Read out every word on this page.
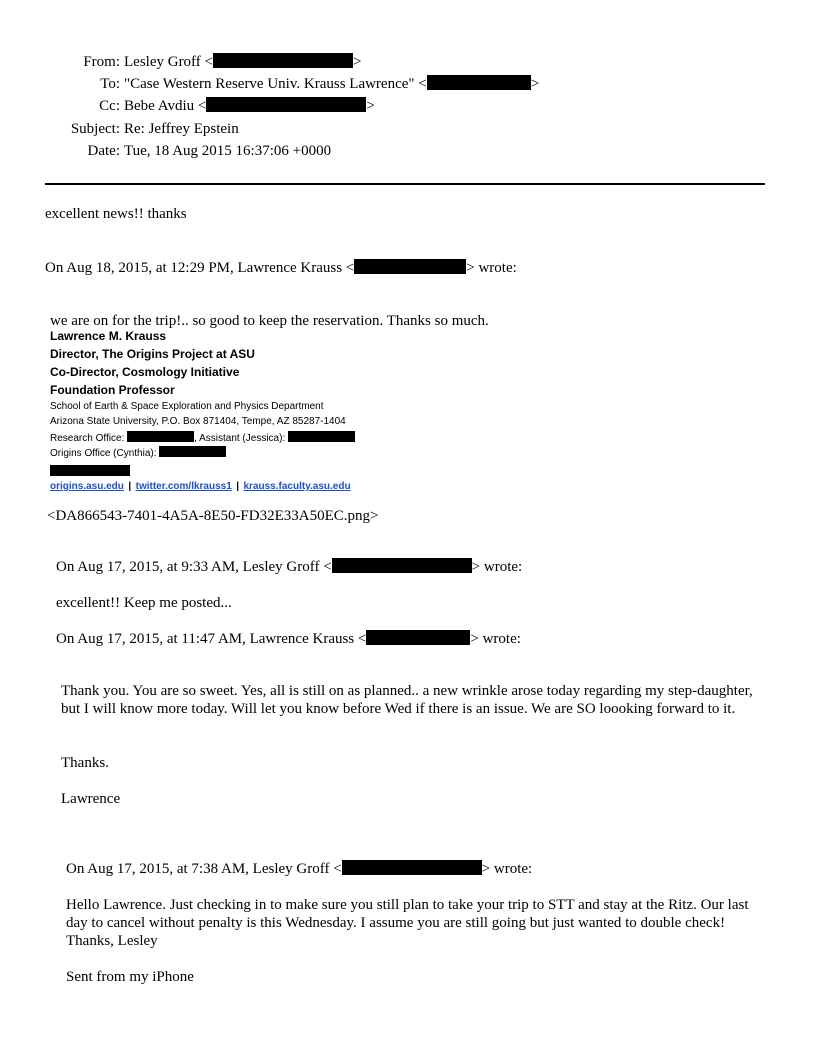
From: Lesley Groff <	>
To: "Case Western Reserve Univ. Krauss Lawrence" <	>
Cc: Bebe Avdiu <	>
Subject: Re: Jeffrey Epstein
Date: Tue, 18 Aug 2015 16:37:06 +0000
excellent news!! thanks
On Aug 18, 2015, at 12:29 PM, Lawrence Krauss <	> wrote:
we are on for the trip!.. so good to keep the reservation. Thanks so much.
Lawrence M. Krauss
Director, The Origins Project at ASU
Co-Director, Cosmology Initiative
Foundation Professor
School of Earth & Space Exploration and Physics Department
Arizona State University, P.O. Box 871404, Tempe, AZ 85287-1404
Research Office:	, Assistant (Jessica):
Origins Office (Cynthia):
origins.asu.edu | twitter.com/lkrauss1 | krauss.faculty.asu.edu
<DA866543-7401-4A5A-8E50-FD32E33A50EC.png>
On Aug 17, 2015, at 9:33 AM, Lesley Groff <	> wrote:
excellent!! Keep me posted...
On Aug 17, 2015, at 11:47 AM, Lawrence Krauss <	> wrote:
Thank you. You are so sweet. Yes, all is still on as planned.. a new wrinkle arose today regarding my step-daughter, but I will know more today. Will let you know before Wed if there is an issue. We are SO loooking forward to it.
Thanks.
Lawrence
On Aug 17, 2015, at 7:38 AM, Lesley Groff <	> wrote:
Hello Lawrence. Just checking in to make sure you still plan to take your trip to STT and stay at the Ritz. Our last day to cancel without penalty is this Wednesday. I assume you are still going but just wanted to double check! Thanks, Lesley
Sent from my iPhone
